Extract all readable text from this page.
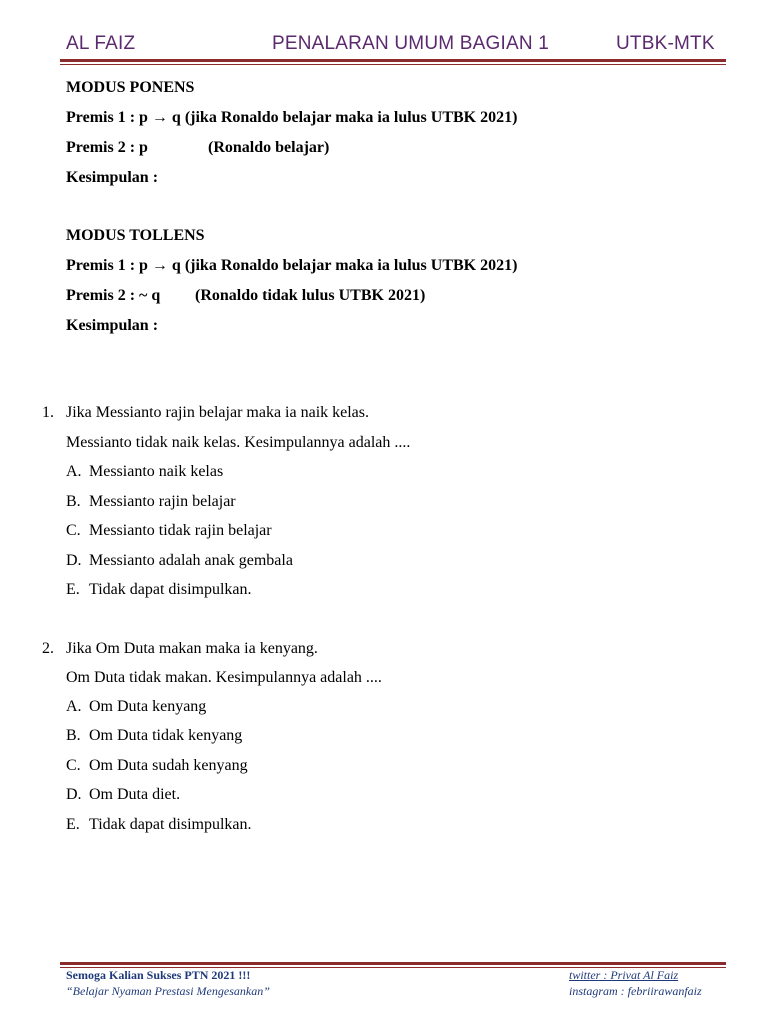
AL FAIZ	PENALARAN UMUM BAGIAN 1	UTBK-MTK
MODUS PONENS
Premis 1 : p → q (jika Ronaldo belajar maka ia lulus UTBK 2021)
Premis 2 : p	(Ronaldo belajar)
Kesimpulan :
MODUS TOLLENS
Premis 1 : p → q (jika Ronaldo belajar maka ia lulus UTBK 2021)
Premis 2 : ~ q (Ronaldo tidak lulus UTBK 2021)
Kesimpulan :
1. Jika Messianto rajin belajar maka ia naik kelas.
Messianto tidak naik kelas. Kesimpulannya adalah ....
A. Messianto naik kelas
B. Messianto rajin belajar
C. Messianto tidak rajin belajar
D. Messianto adalah anak gembala
E. Tidak dapat disimpulkan.
2. Jika Om Duta makan maka ia kenyang.
Om Duta tidak makan. Kesimpulannya adalah ....
A. Om Duta kenyang
B. Om Duta tidak kenyang
C. Om Duta sudah kenyang
D. Om Duta diet.
E. Tidak dapat disimpulkan.
Semoga Kalian Sukses PTN 2021 !!!
“Belajar Nyaman Prestasi Mengesankan”
twitter : Privat Al Faiz
instagram : febriirawanfaiz
